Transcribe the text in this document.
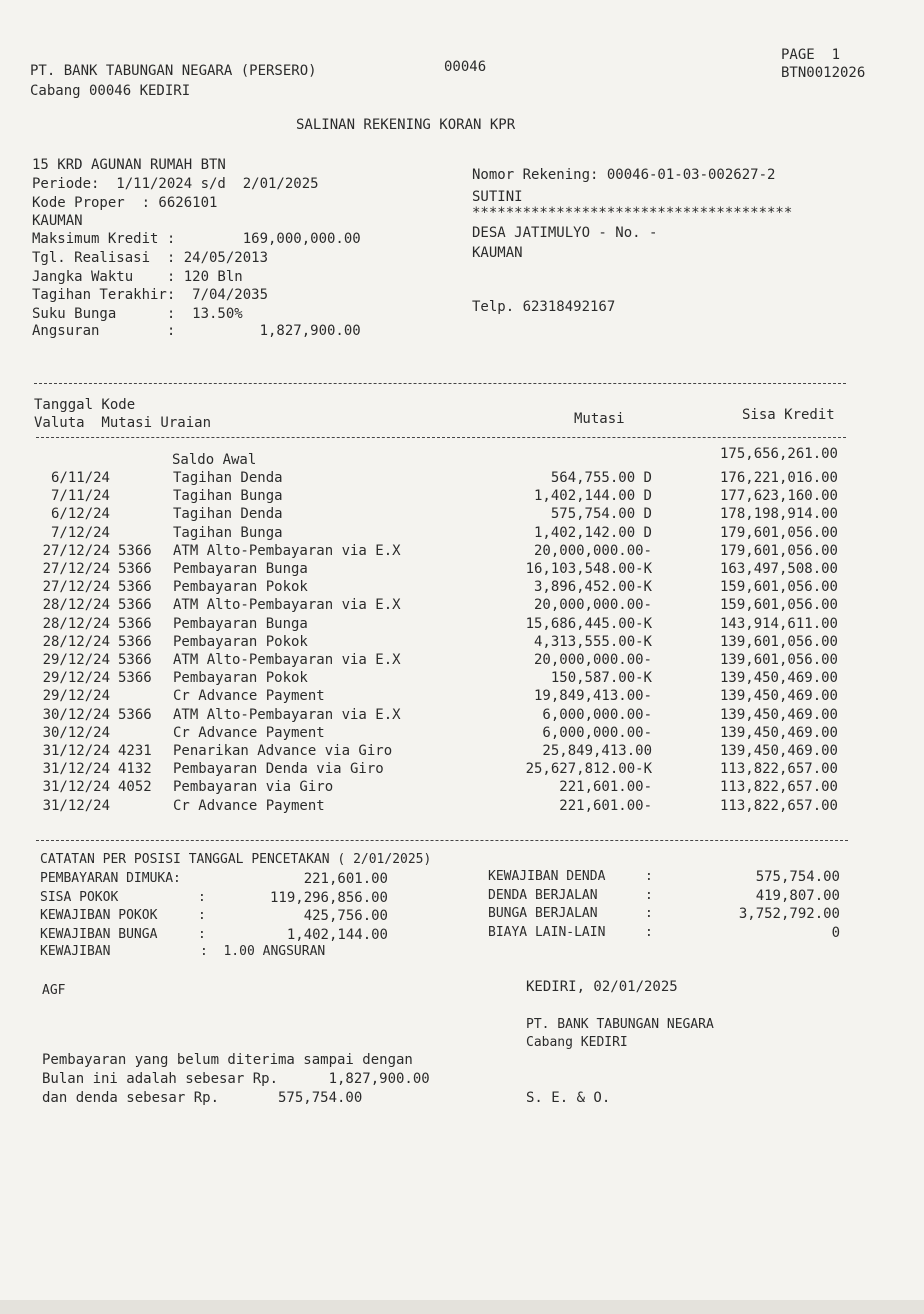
PT. BANK TABUNGAN NEGARA (PERSERO)
Cabang 00046 KEDIRI
00046
PAGE  1
BTN0012026
SALINAN REKENING KORAN KPR
15 KRD AGUNAN RUMAH BTN
Periode:  1/11/2024 s/d  2/01/2025
Kode Proper  : 6626101
KAUMAN
Maksimum Kredit :        169,000,000.00
Tgl. Realisasi  : 24/05/2013
Jangka Waktu    : 120 Bln
Tagihan Terakhir:  7/04/2035
Suku Bunga      :  13.50%
Angsuran        :          1,827,900.00
Nomor Rekening: 00046-01-03-002627-2
SUTINI
**************************************
DESA JATIMULYO - No. -
KAUMAN
Telp. 62318492167
Tanggal Kode
Valuta  Mutasi Uraian	Mutasi	Sisa Kredit
Saldo Awal	175,656,261.00
6/11/24	Tagihan Denda	564,755.00 D	176,221,016.00
7/11/24	Tagihan Bunga	1,402,144.00 D	177,623,160.00
6/12/24	Tagihan Denda	575,754.00 D	178,198,914.00
7/12/24	Tagihan Bunga	1,402,142.00 D	179,601,056.00
27/12/24 5366 ATM Alto-Pembayaran via E.X	20,000,000.00-	179,601,056.00
27/12/24 5366 Pembayaran Bunga	16,103,548.00-K	163,497,508.00
27/12/24 5366 Pembayaran Pokok	3,896,452.00-K	159,601,056.00
28/12/24 5366 ATM Alto-Pembayaran via E.X	20,000,000.00-	159,601,056.00
28/12/24 5366 Pembayaran Bunga	15,686,445.00-K	143,914,611.00
28/12/24 5366 Pembayaran Pokok	4,313,555.00-K	139,601,056.00
29/12/24 5366 ATM Alto-Pembayaran via E.X	20,000,000.00-	139,601,056.00
29/12/24 5366 Pembayaran Pokok	150,587.00-K	139,450,469.00
29/12/24	Cr Advance Payment	19,849,413.00-	139,450,469.00
30/12/24 5366 ATM Alto-Pembayaran via E.X	6,000,000.00-	139,450,469.00
30/12/24	Cr Advance Payment	6,000,000.00-	139,450,469.00
31/12/24 4231 Penarikan Advance via Giro	25,849,413.00	139,450,469.00
31/12/24 4132 Pembayaran Denda via Giro	25,627,812.00-K	113,822,657.00
31/12/24 4052 Pembayaran via Giro	221,601.00-	113,822,657.00
31/12/24	Cr Advance Payment	221,601.00-	113,822,657.00
CATATAN PER POSISI TANGGAL PENCETAKAN ( 2/01/2025)
PEMBAYARAN DIMUKA:	221,601.00
SISA POKOK	:	119,296,856.00
KEWAJIBAN POKOK	:	425,756.00
KEWAJIBAN BUNGA	:	1,402,144.00
KEWAJIBAN DENDA	:	575,754.00
DENDA BERJALAN	:	419,807.00
BUNGA BERJALAN	:	3,752,792.00
BIAYA LAIN-LAIN	:	0
KEWAJIBAN	:  1.00 ANGSURAN
AGF	KEDIRI, 02/01/2025
PT. BANK TABUNGAN NEGARA
Cabang KEDIRI
Pembayaran yang belum diterima sampai dengan
Bulan ini adalah sebesar Rp.      1,827,900.00
dan denda sebesar Rp.       575,754.00	S. E. & O.
